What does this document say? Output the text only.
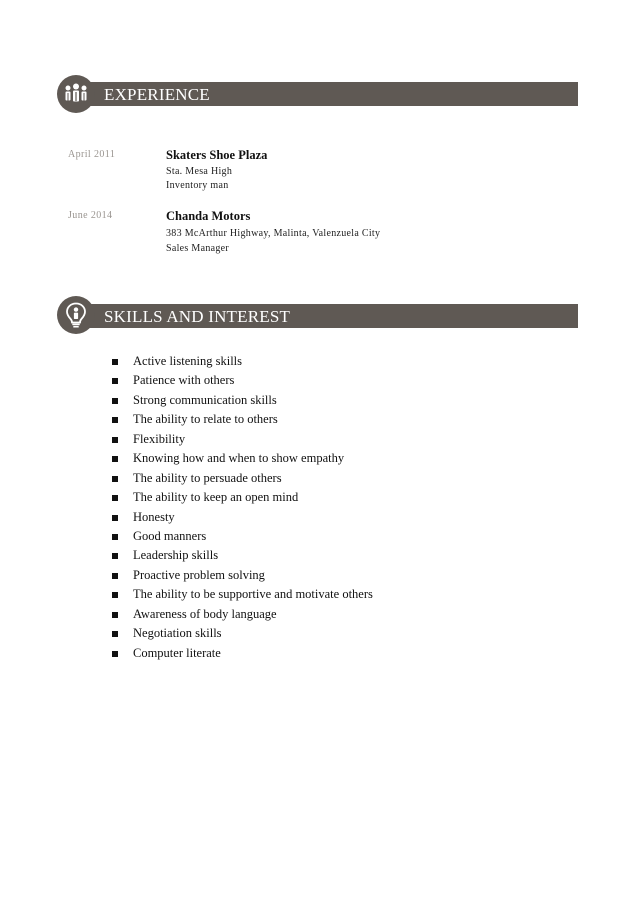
EXPERIENCE
April 2011	Skaters Shoe Plaza
Sta. Mesa High
Inventory man
June 2014	Chanda Motors
383 McArthur Highway, Malinta, Valenzuela City
Sales Manager
SKILLS AND INTEREST
Active listening skills
Patience with others
Strong communication skills
The ability to relate to others
Flexibility
Knowing how and when to show empathy
The ability to persuade others
The ability to keep an open mind
Honesty
Good manners
Leadership skills
Proactive problem solving
The ability to be supportive and motivate others
Awareness of body language
Negotiation skills
Computer literate
